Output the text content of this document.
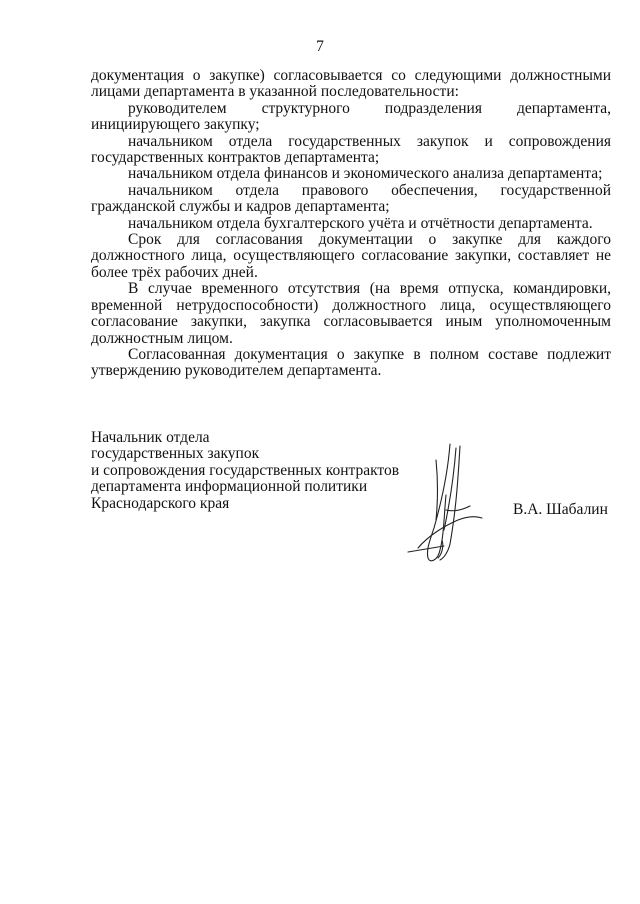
7

документация о закупке) согласовывается со следующими должностными лицами департамента в указанной последовательности:

руководителем структурного подразделения департамента, инициирующего закупку;

начальником отдела государственных закупок и сопровождения государственных контрактов департамента;

начальником отдела финансов и экономического анализа департамента;

начальником отдела правового обеспечения, государственной гражданской службы и кадров департамента;

начальником отдела бухгалтерского учёта и отчётности департамента.

Срок для согласования документации о закупке для каждого должностного лица, осуществляющего согласование закупки, составляет не более трёх рабочих дней.

В случае временного отсутствия (на время отпуска, командировки, временной нетрудоспособности) должностного лица, осуществляющего согласование закупки, закупка согласовывается иным уполномоченным должностным лицом.

Согласованная документация о закупке в полном составе подлежит утверждению руководителем департамента.

Начальник отдела
государственных закупок
и сопровождения государственных контрактов
департамента информационной политики
Краснодарского края	В.А. Шабалин
